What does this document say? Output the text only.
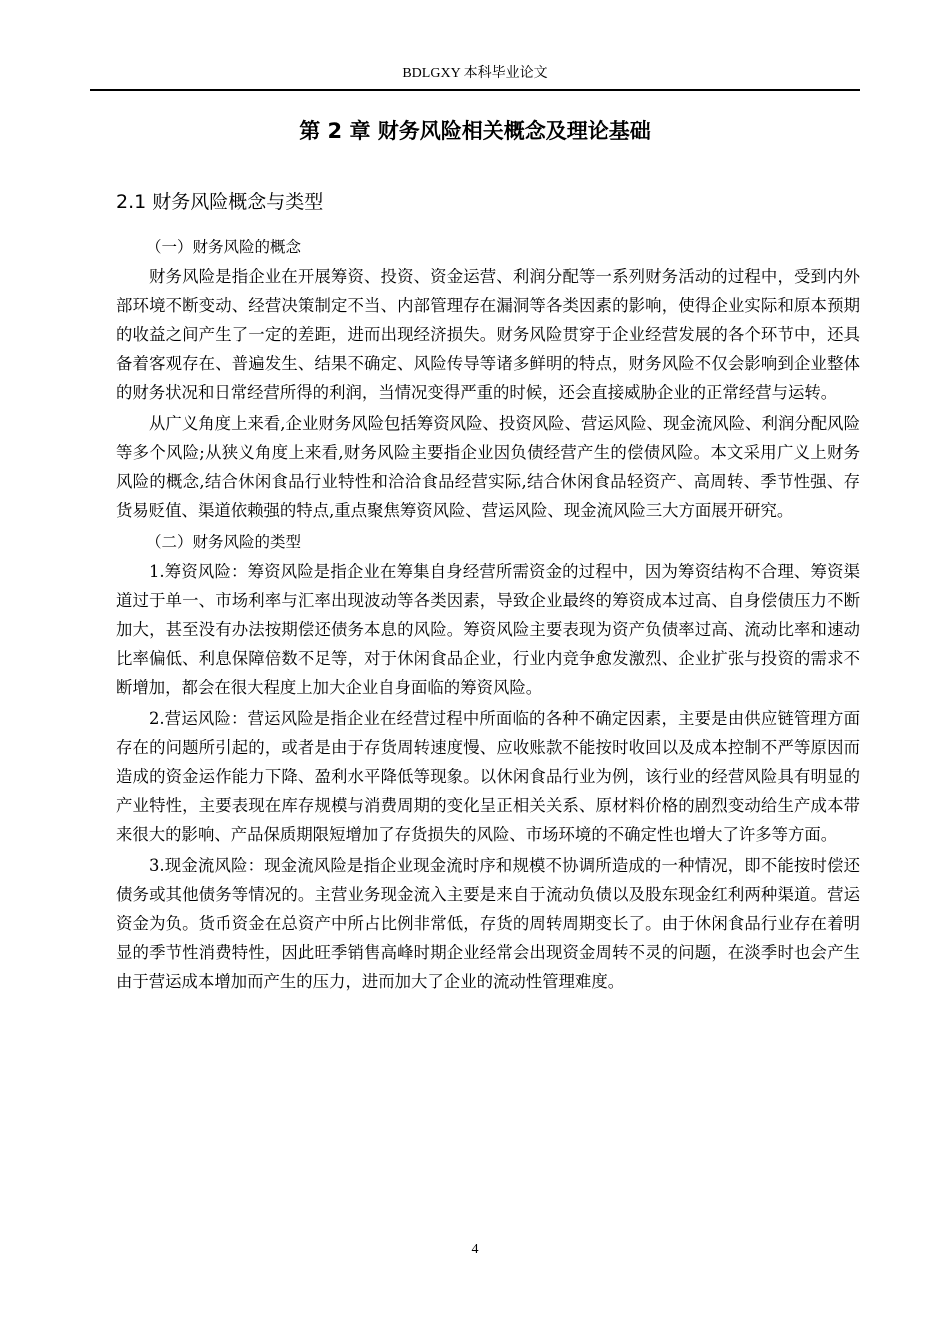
BDLGXY 本科毕业论文
第 2 章 财务风险相关概念及理论基础
2.1 财务风险概念与类型

（一）财务风险的概念

财务风险是指企业在开展筹资、投资、资金运营、利润分配等一系列财务活动的过程中，受到内外部环境不断变动、经营决策制定不当、内部管理存在漏洞等各类因素的影响，使得企业实际和原本预期的收益之间产生了一定的差距，进而出现经济损失。财务风险贯穿于企业经营发展的各个环节中，还具备着客观存在、普遍发生、结果不确定、风险传导等诸多鲜明的特点，财务风险不仅会影响到企业整体的财务状况和日常经营所得的利润，当情况变得严重的时候，还会直接威胁企业的正常经营与运转。

从广义角度上来看,企业财务风险包括筹资风险、投资风险、营运风险、现金流风险、利润分配风险等多个风险;从狭义角度上来看,财务风险主要指企业因负债经营产生的偿债风险。本文采用广义上财务风险的概念,结合休闲食品行业特性和洽洽食品经营实际,结合休闲食品轻资产、高周转、季节性强、存货易贬值、渠道依赖强的特点,重点聚焦筹资风险、营运风险、现金流风险三大方面展开研究。

（二）财务风险的类型

1.筹资风险：筹资风险是指企业在筹集自身经营所需资金的过程中，因为筹资结构不合理、筹资渠道过于单一、市场利率与汇率出现波动等各类因素，导致企业最终的筹资成本过高、自身偿债压力不断加大，甚至没有办法按期偿还债务本息的风险。筹资风险主要表现为资产负债率过高、流动比率和速动比率偏低、利息保障倍数不足等，对于休闲食品企业，行业内竞争愈发激烈、企业扩张与投资的需求不断增加，都会在很大程度上加大企业自身面临的筹资风险。

2.营运风险：营运风险是指企业在经营过程中所面临的各种不确定因素，主要是由供应链管理方面存在的问题所引起的，或者是由于存货周转速度慢、应收账款不能按时收回以及成本控制不严等原因而造成的资金运作能力下降、盈利水平降低等现象。以休闲食品行业为例，该行业的经营风险具有明显的产业特性，主要表现在库存规模与消费周期的变化呈正相关关系、原材料价格的剧烈变动给生产成本带来很大的影响、产品保质期限短增加了存货损失的风险、市场环境的不确定性也增大了许多等方面。

3.现金流风险：现金流风险是指企业现金流时序和规模不协调所造成的一种情况，即不能按时偿还债务或其他债务等情况的。主营业务现金流入主要是来自于流动负债以及股东现金红利两种渠道。营运资金为负。货币资金在总资产中所占比例非常低，存货的周转周期变长了。由于休闲食品行业存在着明显的季节性消费特性，因此旺季销售高峰时期企业经常会出现资金周转不灵的问题，在淡季时也会产生由于营运成本增加而产生的压力，进而加大了企业的流动性管理难度。

4
